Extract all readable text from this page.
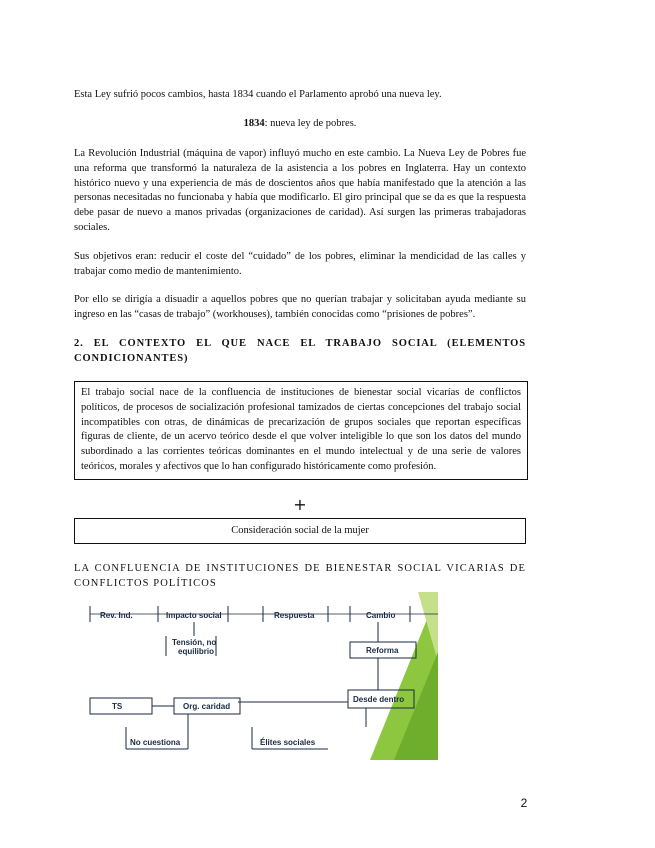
Esta Ley sufrió pocos cambios, hasta 1834 cuando el Parlamento aprobó una nueva ley.

1834: nueva ley de pobres.

La Revolución Industrial (máquina de vapor) influyó mucho en este cambio. La Nueva Ley de Pobres fue una reforma que transformó la naturaleza de la asistencia a los pobres en Inglaterra. Hay un contexto histórico nuevo y una experiencia de más de doscientos años que había manifestado que la atención a las personas necesitadas no funcionaba y había que modificarlo. El giro principal que se da es que la respuesta debe pasar de nuevo a manos privadas (organizaciones de caridad). Así surgen las primeras trabajadoras sociales.

Sus objetivos eran: reducir el coste del “cuidado” de los pobres, eliminar la mendicidad de las calles y trabajar como medio de mantenimiento.

Por ello se dirigía a disuadir a aquellos pobres que no querían trabajar y solicitaban ayuda mediante su ingreso en las “casas de trabajo” (workhouses), también conocidas como “prisiones de pobres”.

2. EL CONTEXTO EL QUE NACE EL TRABAJO SOCIAL (ELEMENTOS CONDICIONANTES)

El trabajo social nace de la confluencia de instituciones de bienestar social vicarías de conflictos políticos, de procesos de socialización profesional tamizados de ciertas concepciones del trabajo social incompatibles con otras, de dinámicas de precarización de grupos sociales que reportan específicas figuras de cliente, de un acervo teórico desde el que volver inteligible lo que son los datos del mundo subordinado a las corrientes teóricas dominantes en el mundo intelectual y de una serie de valores teóricos, morales y afectivos que lo han configurado históricamente como profesión.
+
Consideración social de la mujer

LA CONFLUENCIA DE INSTITUCIONES DE BIENESTAR SOCIAL VICARIAS DE CONFLICTOS POLÍTICOS

Rev. Ind.	Impacto social	Respuesta	Cambio
Tensión, no
equilibrio	Reforma
Desde dentro
TS	Org. caridad
No cuestiona	Élites sociales
2
